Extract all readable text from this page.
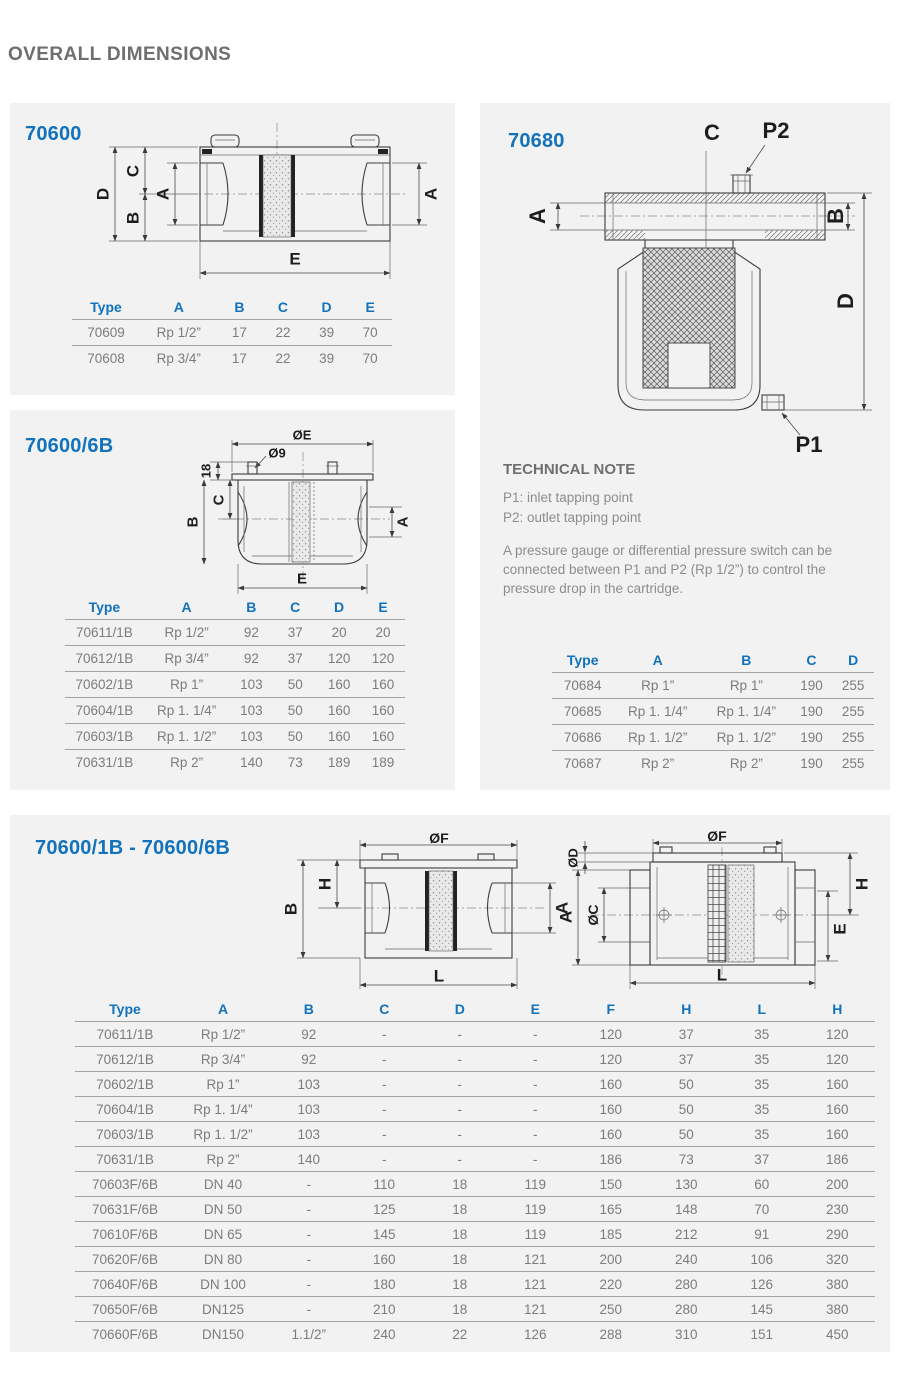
OVERALL DIMENSIONS
70600
D
C
B
A	A
E
Type	A	B	C	D	E
70609	Rp 1/2”	17	22	39	70
70608	Rp 3/4”	17	22	39	70
70600/6B	ØE
Ø9
18
C
B	A
E
Type	A	B	C	D	E
70611/1B	Rp 1/2”	92	37	20	20
70612/1B	Rp 3/4”	92	37	120	120
70602/1B	Rp 1”	103	50	160	160
70604/1B	Rp 1. 1/4”	103	50	160	160
70603/1B	Rp 1. 1/2”	103	50	160	160
70631/1B	Rp 2”	140	73	189	189
70680
A	B
C P2
D
P1
TECHNICAL NOTE
P1: inlet tapping point
P2: outlet tapping point
A pressure gauge or differential pressure switch can be connected between P1 and P2 (Rp 1/2”) to control the pressure drop in the cartridge.
Type	A	B	C	D
70684	Rp 1”	Rp 1”	190	255
70685	Rp 1. 1/4”	Rp 1. 1/4”	190	255
70686	Rp 1. 1/2”	Rp 1. 1/2”	190	255
70687	Rp 2”	Rp 2”	190	255
70600/1B - 70600/6B	ØF
B
H
A
L
ØF
ØD
A ØC
H
E
L
Type	A	B	C	D	E	F	H	L	H
70611/1B	Rp 1/2”	92	-	-	-	120	37	35	120
70612/1B	Rp 3/4”	92	-	-	-	120	37	35	120
70602/1B	Rp 1”	103	-	-	-	160	50	35	160
70604/1B	Rp 1. 1/4”	103	-	-	-	160	50	35	160
70603/1B	Rp 1. 1/2”	103	-	-	-	160	50	35	160
70631/1B	Rp 2”	140	-	-	-	186	73	37	186
70603F/6B	DN 40	-	110	18	119	150	130	60	200
70631F/6B	DN 50	-	125	18	119	165	148	70	230
70610F/6B	DN 65	-	145	18	119	185	212	91	290
70620F/6B	DN 80	-	160	18	121	200	240	106	320
70640F/6B	DN 100	-	180	18	121	220	280	126	380
70650F/6B	DN125	-	210	18	121	250	280	145	380
70660F/6B	DN150	1.1/2”	240	22	126	288	310	151	450
